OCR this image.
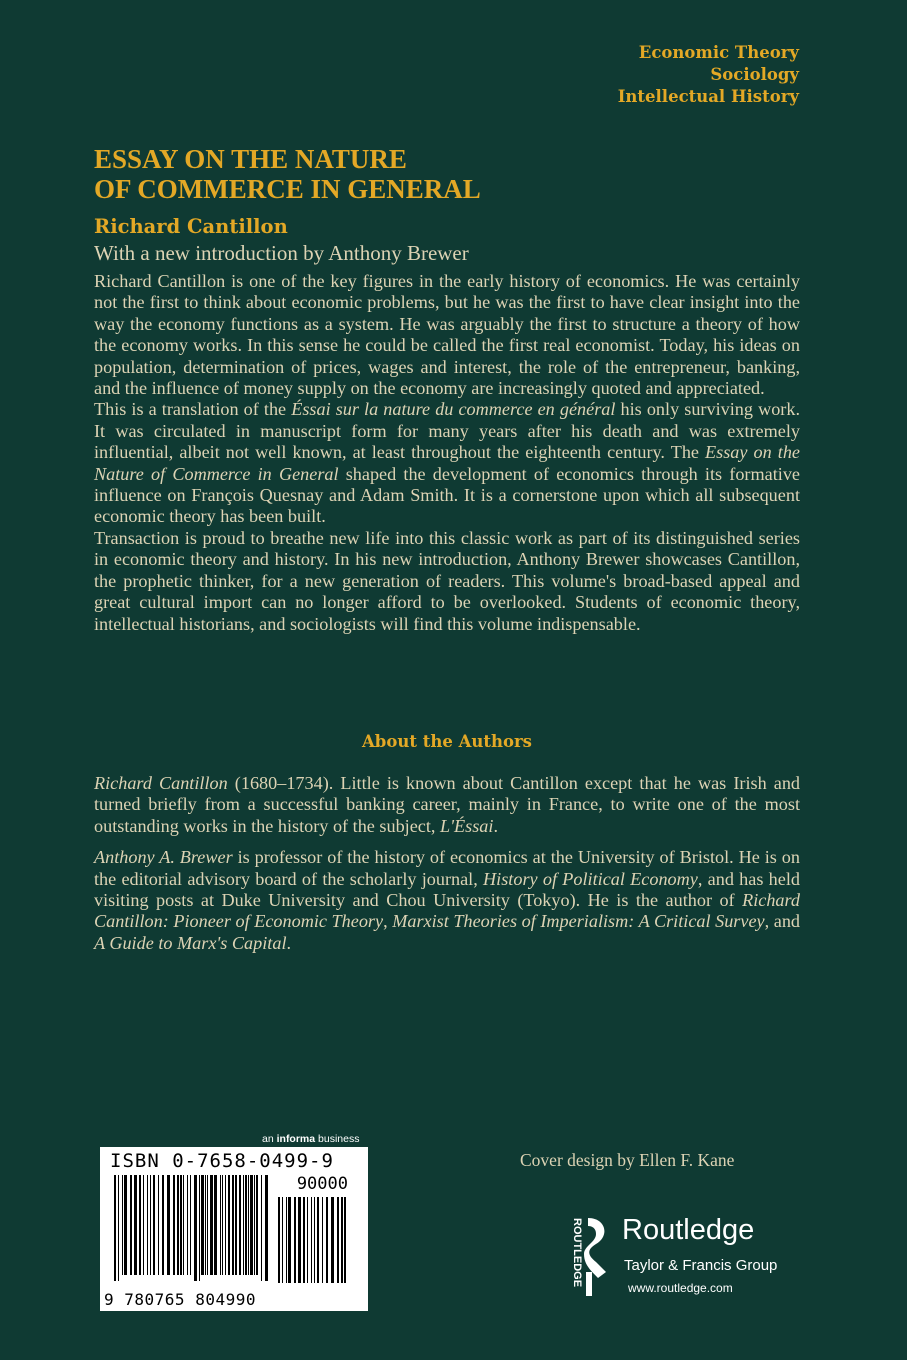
Economic Theory
Sociology
Intellectual History
ESSAY ON THE NATURE
OF COMMERCE IN GENERAL
Richard Cantillon
With a new introduction by Anthony Brewer

Richard Cantillon is one of the key figures in the early history of economics. He was certainly not the first to think about economic problems, but he was the first to have clear insight into the way the economy functions as a system. He was arguably the first to structure a theory of how the economy works. In this sense he could be called the first real economist. Today, his ideas on population, determination of prices, wages and interest, the role of the entrepreneur, banking, and the influence of money supply on the economy are increasingly quoted and appreciated.

This is a translation of the Éssai sur la nature du commerce en général his only surviving work. It was circulated in manuscript form for many years after his death and was extremely influential, albeit not well known, at least throughout the eighteenth century. The Essay on the Nature of Commerce in General shaped the development of economics through its formative influence on François Quesnay and Adam Smith. It is a cornerstone upon which all subsequent economic theory has been built.

Transaction is proud to breathe new life into this classic work as part of its distinguished series in economic theory and history. In his new introduction, Anthony Brewer showcases Cantillon, the prophetic thinker, for a new generation of readers. This volume's broad-based appeal and great cultural import can no longer afford to be overlooked. Students of economic theory, intellectual historians, and sociologists will find this volume indispensable.

About the Authors

Richard Cantillon (1680–1734). Little is known about Cantillon except that he was Irish and turned briefly from a successful banking career, mainly in France, to write one of the most outstanding works in the history of the subject, L'Éssai.

Anthony A. Brewer is professor of the history of economics at the University of Bristol. He is on the editorial advisory board of the scholarly journal, History of Political Economy, and has held visiting posts at Duke University and Chou University (Tokyo). He is the author of Richard Cantillon: Pioneer of Economic Theory, Marxist Theories of Imperialism: A Critical Survey, and A Guide to Marx's Capital.

an informa business
ISBN 0-7658-0499-9
90000
9 780765 804990
Cover design by Ellen F. Kane
ROUTLEDGE Routledge
Taylor & Francis Group
www.routledge.com
